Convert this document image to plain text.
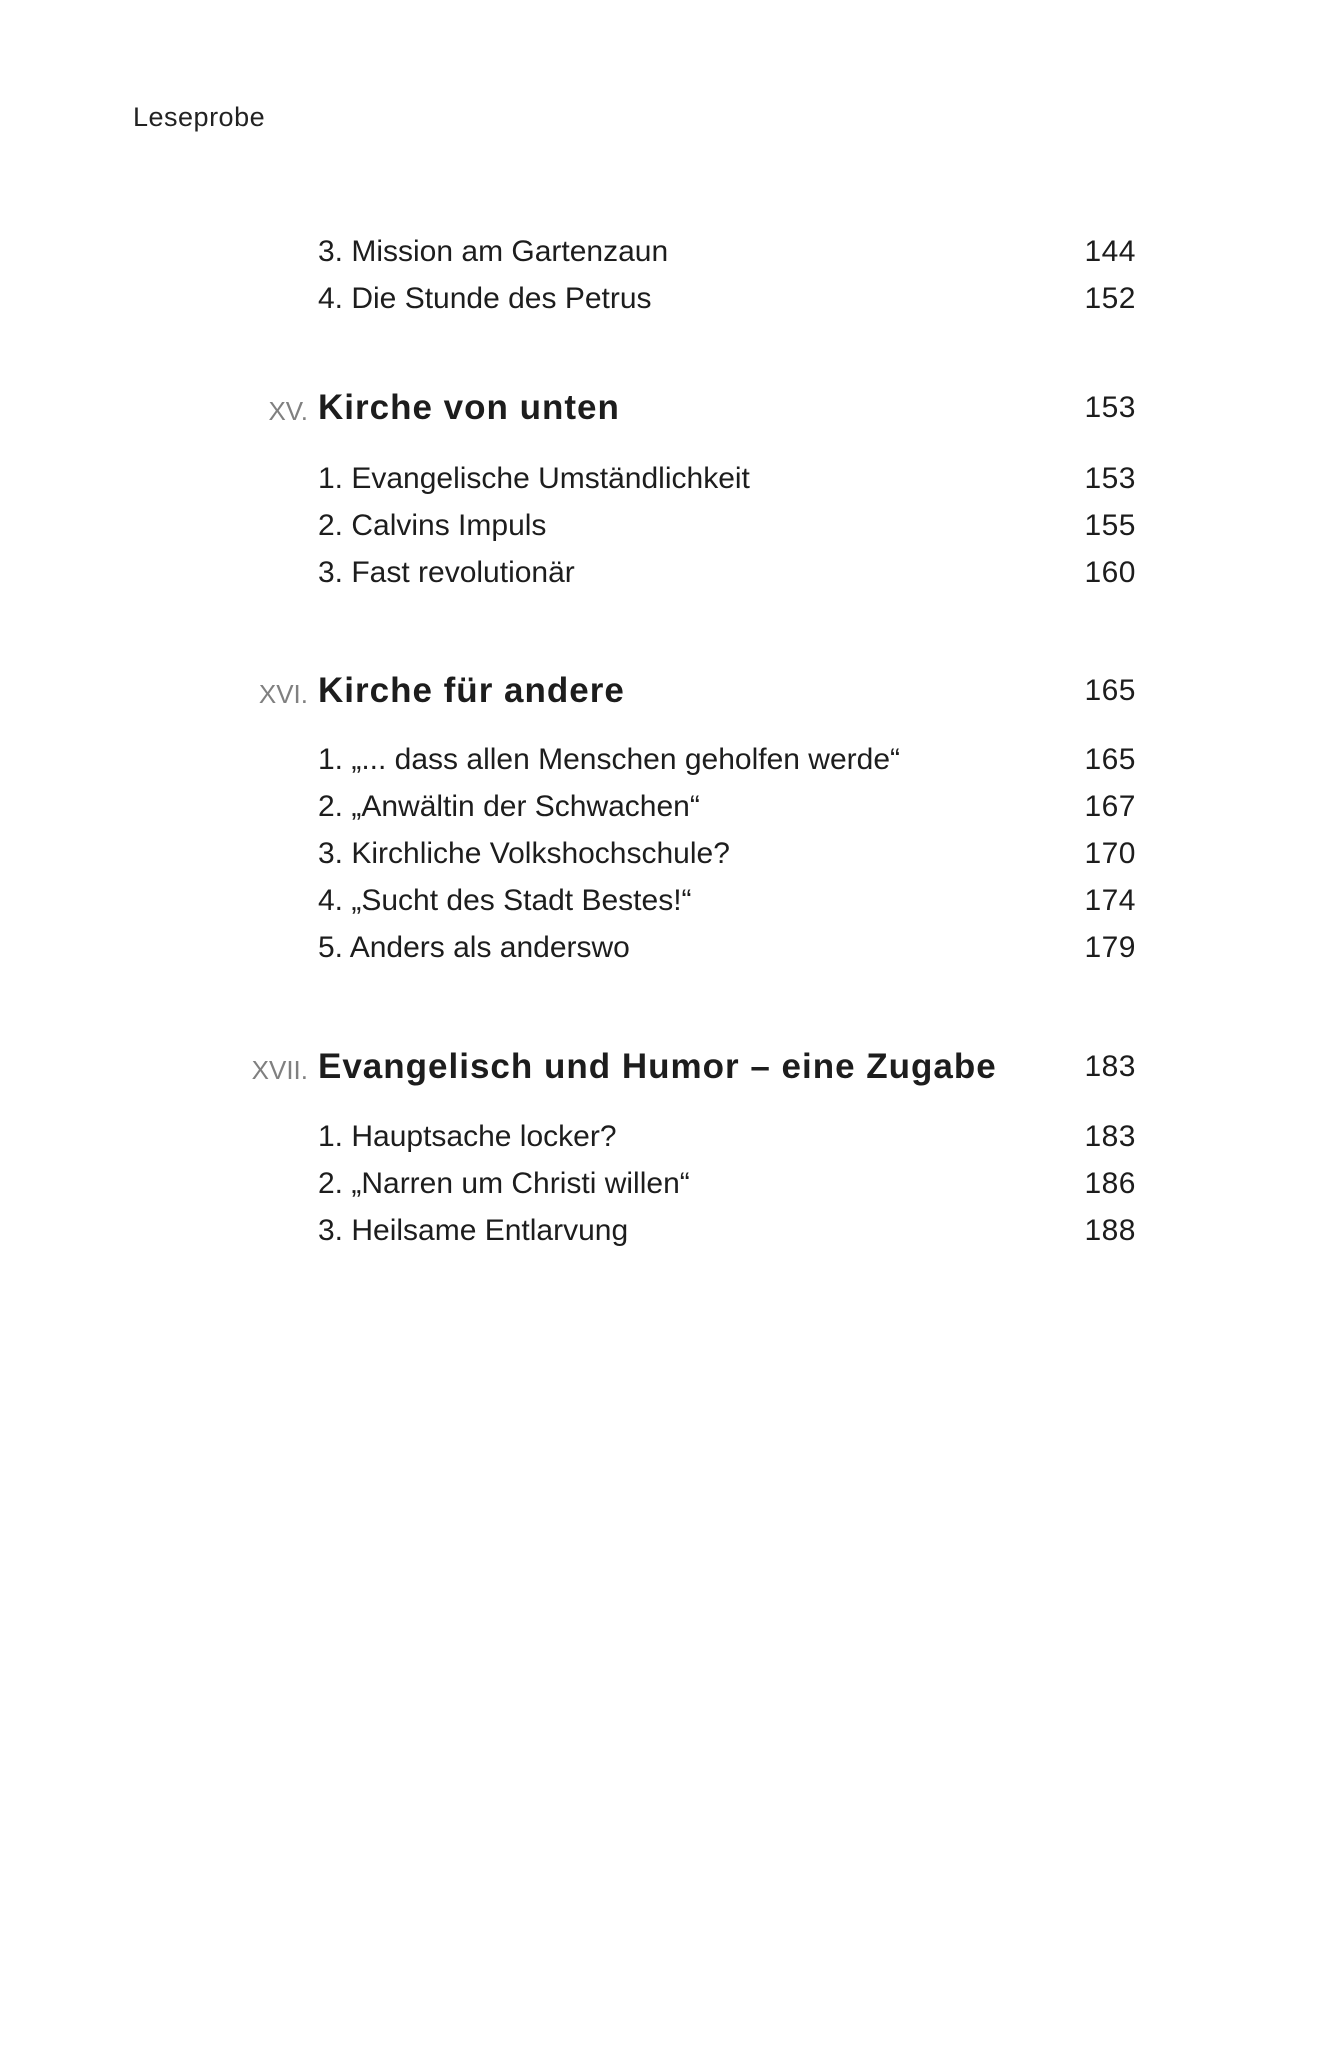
Leseprobe
3. Mission am Gartenzaun	144
4. Die Stunde des Petrus	152
XV. Kirche von unten	153
1. Evangelische Umständlichkeit	153
2. Calvins Impuls	155
3. Fast revolutionär	160
XVI. Kirche für andere	165
1. „... dass allen Menschen geholfen werde“	165
2. „Anwältin der Schwachen“	167
3. Kirchliche Volkshochschule?	170
4. „Sucht des Stadt Bestes!“	174
5. Anders als anderswo	179
XVII. Evangelisch und Humor – eine Zugabe	183
1. Hauptsache locker?	183
2. „Narren um Christi willen“	186
3. Heilsame Entlarvung	188
